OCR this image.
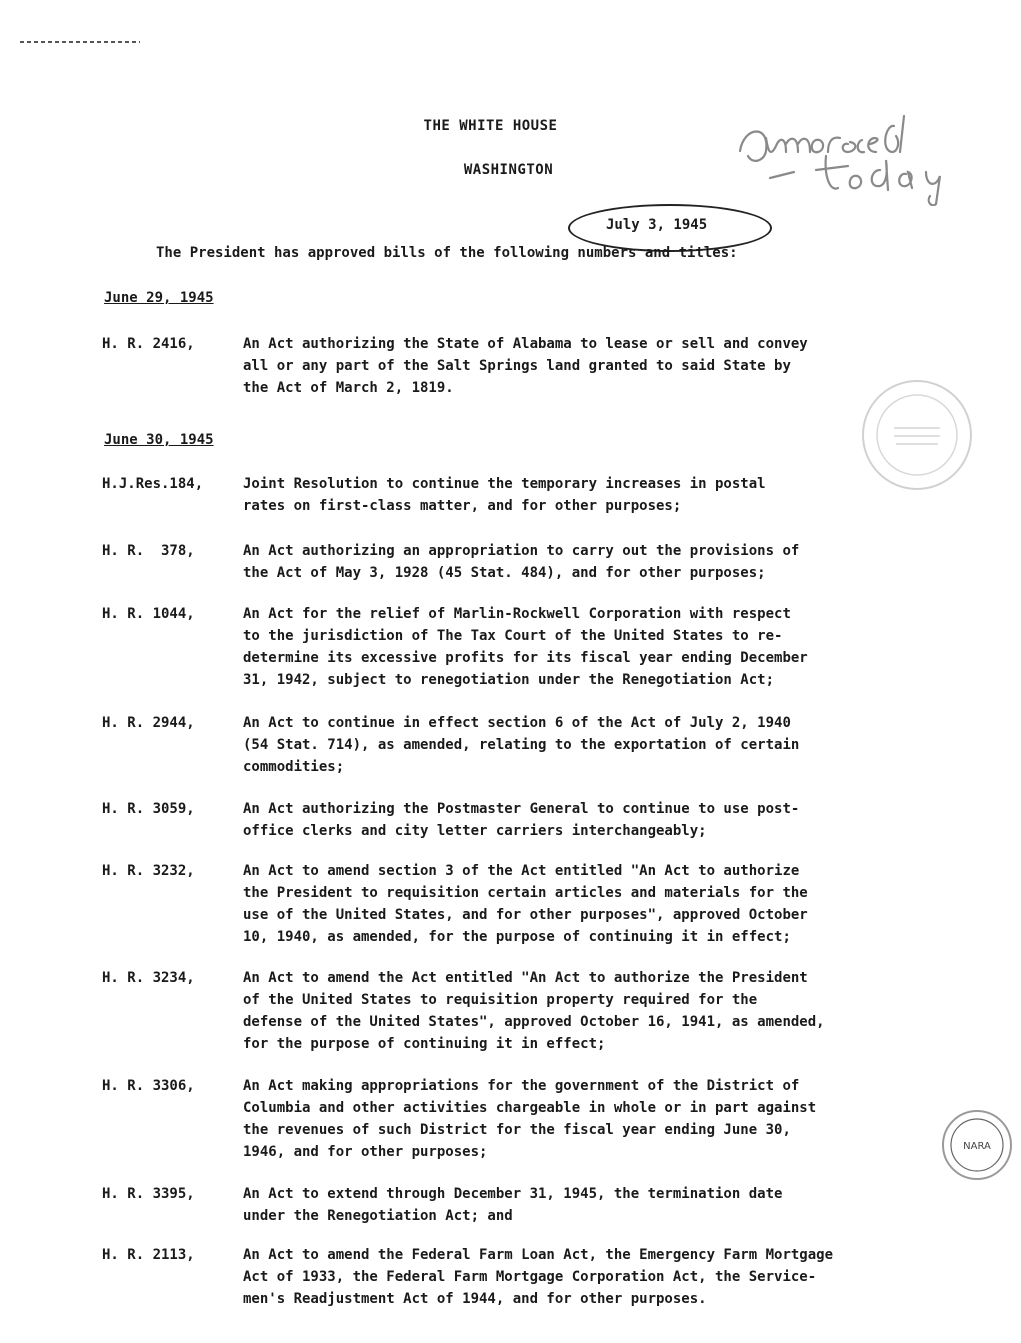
THE WHITE HOUSE
WASHINGTON
July 3, 1945
The President has approved bills of the following numbers and titles:
June 29, 1945
H. R. 2416,	An Act authorizing the State of Alabama to lease or sell and convey
all or any part of the Salt Springs land granted to said State by
the Act of March 2, 1819.
June 30, 1945
H.J.Res.184,	Joint Resolution to continue the temporary increases in postal
rates on first-class matter, and for other purposes;
H. R.  378,	An Act authorizing an appropriation to carry out the provisions of
the Act of May 3, 1928 (45 Stat. 484), and for other purposes;
H. R. 1044,	An Act for the relief of Marlin-Rockwell Corporation with respect
to the jurisdiction of The Tax Court of the United States to re-
determine its excessive profits for its fiscal year ending December
31, 1942, subject to renegotiation under the Renegotiation Act;
H. R. 2944,	An Act to continue in effect section 6 of the Act of July 2, 1940
(54 Stat. 714), as amended, relating to the exportation of certain
commodities;
H. R. 3059,	An Act authorizing the Postmaster General to continue to use post-
office clerks and city letter carriers interchangeably;
H. R. 3232,	An Act to amend section 3 of the Act entitled "An Act to authorize
the President to requisition certain articles and materials for the
use of the United States, and for other purposes", approved October
10, 1940, as amended, for the purpose of continuing it in effect;
H. R. 3234,	An Act to amend the Act entitled "An Act to authorize the President
of the United States to requisition property required for the
defense of the United States", approved October 16, 1941, as amended,
for the purpose of continuing it in effect;
H. R. 3306,	An Act making appropriations for the government of the District of
Columbia and other activities chargeable in whole or in part against
the revenues of such District for the fiscal year ending June 30,
1946, and for other purposes;
H. R. 3395,	An Act to extend through December 31, 1945, the termination date
under the Renegotiation Act; and
H. R. 2113,	An Act to amend the Federal Farm Loan Act, the Emergency Farm Mortgage
Act of 1933, the Federal Farm Mortgage Corporation Act, the Service-
men's Readjustment Act of 1944, and for other purposes.
NARA
